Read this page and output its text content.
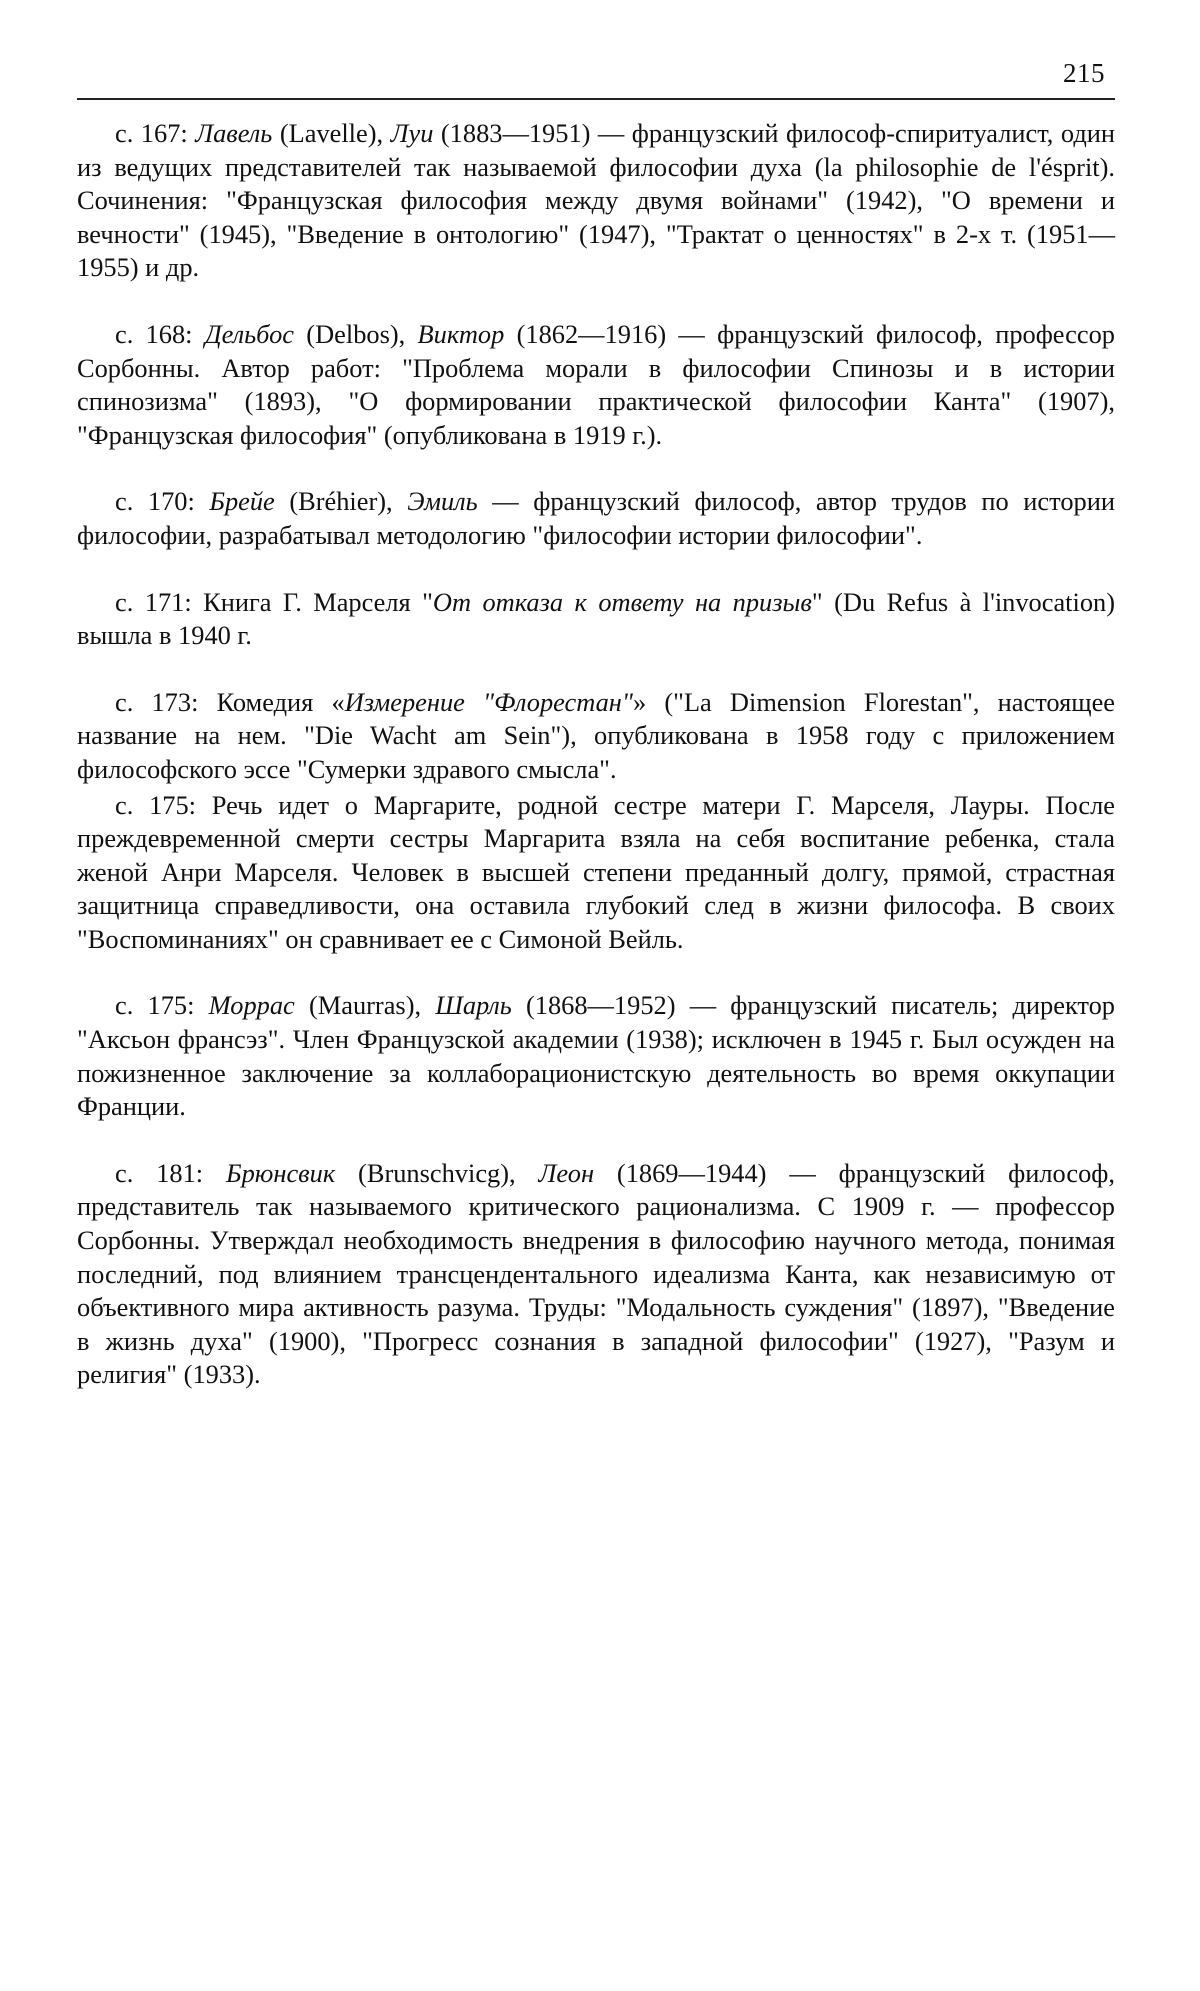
215

с. 167: Лавель (Lavelle), Луи (1883—1951) — французский философ-спиритуалист, один из ведущих представителей так называемой философии духа (la philosophie de l'ésprit). Сочинения: "Французская философия между двумя войнами" (1942), "О времени и вечности" (1945), "Введение в онтологию" (1947), "Трактат о ценностях" в 2-х т. (1951—1955) и др.

с. 168: Дельбос (Delbos), Виктор (1862—1916) — французский философ, профессор Сорбонны. Автор работ: "Проблема морали в философии Спинозы и в истории спинозизма" (1893), "О формировании практической философии Канта" (1907), "Французская философия" (опубликована в 1919 г.).

с. 170: Брейе (Bréhier), Эмиль — французский философ, автор трудов по истории философии, разрабатывал методологию "философии истории философии".

с. 171: Книга Г. Марселя "От отказа к ответу на призыв" (Du Refus à l'invocation) вышла в 1940 г.

с. 173: Комедия «Измерение "Флорестан"» ("La Dimension Florestan", настоящее название на нем. "Die Wacht am Sein"), опубликована в 1958 году с приложением философского эссе "Сумерки здравого смысла".

с. 175: Речь идет о Маргарите, родной сестре матери Г. Марселя, Лауры. После преждевременной смерти сестры Маргарита взяла на себя воспитание ребенка, стала женой Анри Марселя. Человек в высшей степени преданный долгу, прямой, страстная защитница справедливости, она оставила глубокий след в жизни философа. В своих "Воспоминаниях" он сравнивает ее с Симоной Вейль.

с. 175: Моррас (Maurras), Шарль (1868—1952) — французский писатель; директор "Аксьон франсэз". Член Французской академии (1938); исключен в 1945 г. Был осужден на пожизненное заключение за коллаборационистскую деятельность во время оккупации Франции.

с. 181: Брюнсвик (Brunschvicg), Леон (1869—1944) — французский философ, представитель так называемого критического рационализма. С 1909 г. — профессор Сорбонны. Утверждал необходимость внедрения в философию научного метода, понимая последний, под влиянием трансцендентального идеализма Канта, как независимую от объективного мира активность разума. Труды: "Модальность суждения" (1897), "Введение в жизнь духа" (1900), "Прогресс сознания в западной философии" (1927), "Разум и религия" (1933).
